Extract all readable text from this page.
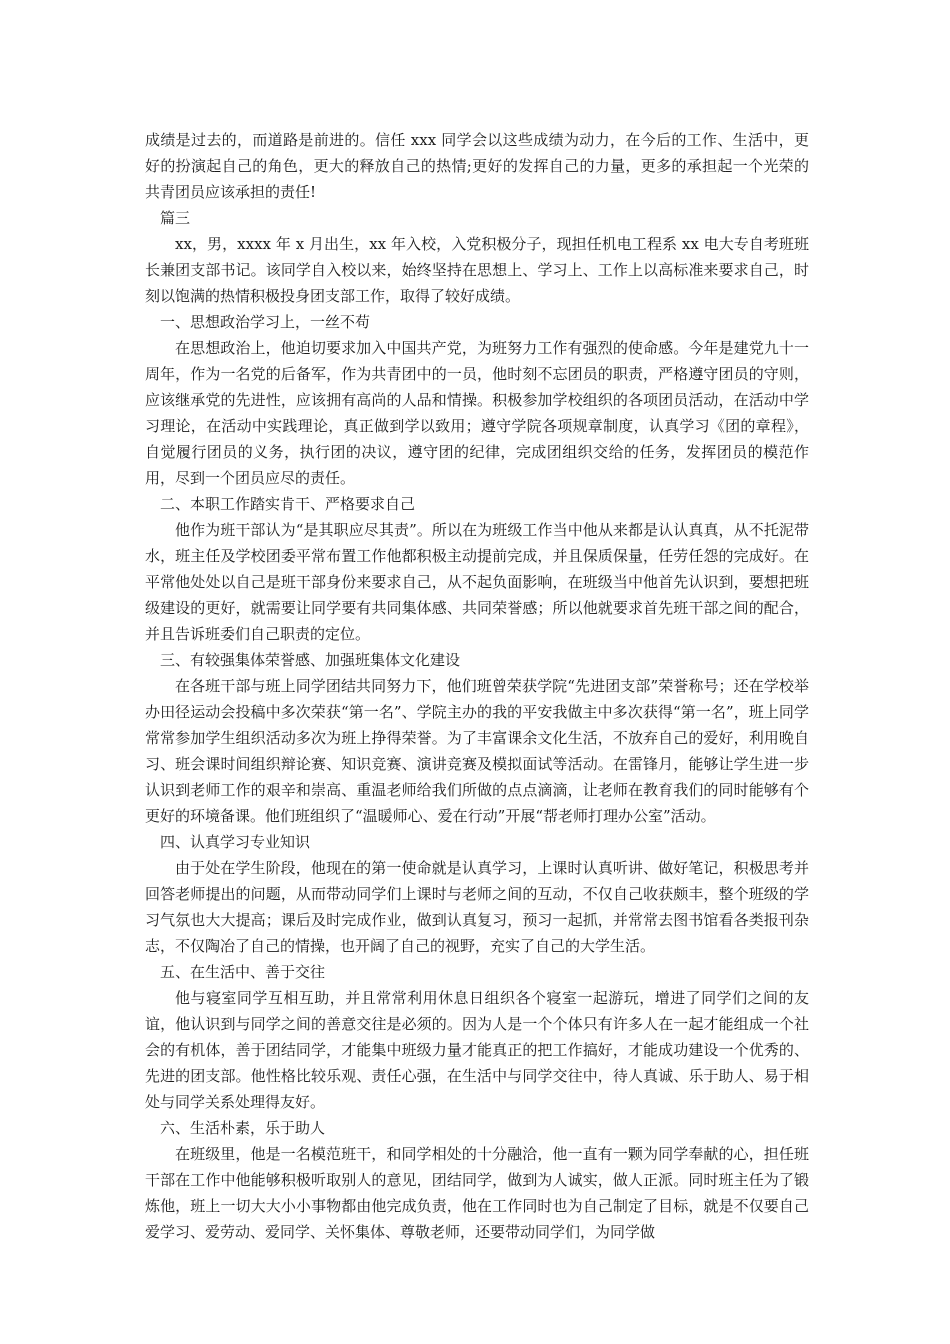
成绩是过去的，而道路是前进的。信任 xxx 同学会以这些成绩为动力，在今后的工作、生活中，更好的扮演起自己的角色，更大的释放自己的热情;更好的发挥自己的力量，更多的承担起一个光荣的共青团员应该承担的责任!

篇三

xx，男，xxxx 年 x 月出生，xx 年入校，入党积极分子，现担任机电工程系 xx 电大专自考班班长兼团支部书记。该同学自入校以来，始终坚持在思想上、学习上、工作上以高标准来要求自己，时刻以饱满的热情积极投身团支部工作，取得了较好成绩。

一、思想政治学习上，一丝不苟

在思想政治上，他迫切要求加入中国共产党，为班努力工作有强烈的使命感。今年是建党九十一周年，作为一名党的后备军，作为共青团中的一员，他时刻不忘团员的职责，严格遵守团员的守则，应该继承党的先进性，应该拥有高尚的人品和情操。积极参加学校组织的各项团员活动，在活动中学习理论，在活动中实践理论，真正做到学以致用；遵守学院各项规章制度，认真学习《团的章程》，自觉履行团员的义务，执行团的决议，遵守团的纪律，完成团组织交给的任务，发挥团员的模范作用，尽到一个团员应尽的责任。

二、本职工作踏实肯干、严格要求自己

他作为班干部认为“是其职应尽其责”。所以在为班级工作当中他从来都是认认真真，从不托泥带水，班主任及学校团委平常布置工作他都积极主动提前完成，并且保质保量，任劳任怨的完成好。在平常他处处以自己是班干部身份来要求自己，从不起负面影响，在班级当中他首先认识到，要想把班级建设的更好，就需要让同学要有共同集体感、共同荣誉感；所以他就要求首先班干部之间的配合，并且告诉班委们自己职责的定位。

三、有较强集体荣誉感、加强班集体文化建设

在各班干部与班上同学团结共同努力下，他们班曾荣获学院“先进团支部”荣誉称号；还在学校举办田径运动会投稿中多次荣获“第一名”、学院主办的我的平安我做主中多次获得“第一名”，班上同学常常参加学生组织活动多次为班上挣得荣誉。为了丰富课余文化生活，不放弃自己的爱好，利用晚自习、班会课时间组织辩论赛、知识竞赛、演讲竞赛及模拟面试等活动。在雷锋月，能够让学生进一步认识到老师工作的艰辛和崇高、重温老师给我们所做的点点滴滴，让老师在教育我们的同时能够有个更好的环境备课。他们班组织了“温暖师心、爱在行动”开展“帮老师打理办公室”活动。

四、认真学习专业知识

由于处在学生阶段，他现在的第一使命就是认真学习，上课时认真听讲、做好笔记，积极思考并回答老师提出的问题，从而带动同学们上课时与老师之间的互动，不仅自己收获颇丰，整个班级的学习气氛也大大提高；课后及时完成作业，做到认真复习，预习一起抓，并常常去图书馆看各类报刊杂志，不仅陶冶了自己的情操，也开阔了自己的视野，充实了自己的大学生活。

五、在生活中、善于交往

他与寝室同学互相互助，并且常常利用休息日组织各个寝室一起游玩，增进了同学们之间的友谊，他认识到与同学之间的善意交往是必须的。因为人是一个个体只有许多人在一起才能组成一个社会的有机体，善于团结同学，才能集中班级力量才能真正的把工作搞好，才能成功建设一个优秀的、先进的团支部。他性格比较乐观、责任心强，在生活中与同学交往中，待人真诚、乐于助人、易于相处与同学关系处理得友好。

六、生活朴素，乐于助人

在班级里，他是一名模范班干，和同学相处的十分融洽，他一直有一颗为同学奉献的心，担任班干部在工作中他能够积极听取别人的意见，团结同学，做到为人诚实，做人正派。同时班主任为了锻炼他，班上一切大大小小事物都由他完成负责，他在工作同时也为自己制定了目标，就是不仅要自己爱学习、爱劳动、爱同学、关怀集体、尊敬老师，还要带动同学们，为同学做
